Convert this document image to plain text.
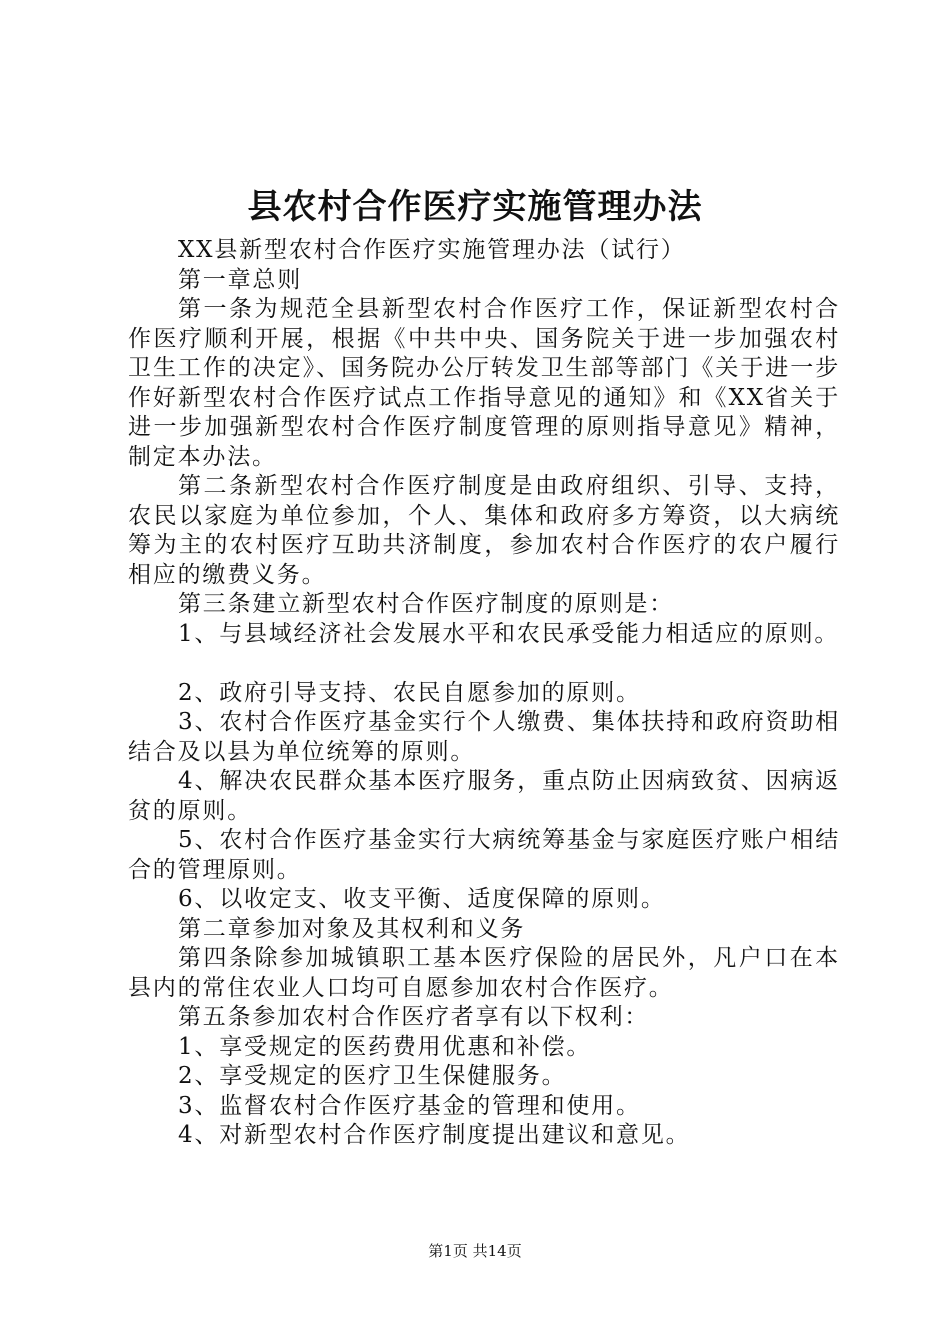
县农村合作医疗实施管理办法

XX县新型农村合作医疗实施管理办法（试行）

第一章总则

第一条为规范全县新型农村合作医疗工作，保证新型农村合作医疗顺利开展，根据《中共中央、国务院关于进一步加强农村卫生工作的决定》、国务院办公厅转发卫生部等部门《关于进一步作好新型农村合作医疗试点工作指导意见的通知》和《XX省关于进一步加强新型农村合作医疗制度管理的原则指导意见》精神，制定本办法。

第二条新型农村合作医疗制度是由政府组织、引导、支持，农民以家庭为单位参加，个人、集体和政府多方筹资，以大病统筹为主的农村医疗互助共济制度，参加农村合作医疗的农户履行相应的缴费义务。

第三条建立新型农村合作医疗制度的原则是：

1、与县域经济社会发展水平和农民承受能力相适应的原则。

2、政府引导支持、农民自愿参加的原则。

3、农村合作医疗基金实行个人缴费、集体扶持和政府资助相结合及以县为单位统筹的原则。

4、解决农民群众基本医疗服务，重点防止因病致贫、因病返贫的原则。

5、农村合作医疗基金实行大病统筹基金与家庭医疗账户相结合的管理原则。

6、以收定支、收支平衡、适度保障的原则。

第二章参加对象及其权利和义务

第四条除参加城镇职工基本医疗保险的居民外，凡户口在本县内的常住农业人口均可自愿参加农村合作医疗。

第五条参加农村合作医疗者享有以下权利：

1、享受规定的医药费用优惠和补偿。

2、享受规定的医疗卫生保健服务。

3、监督农村合作医疗基金的管理和使用。

4、对新型农村合作医疗制度提出建议和意见。

第1页 共14页
